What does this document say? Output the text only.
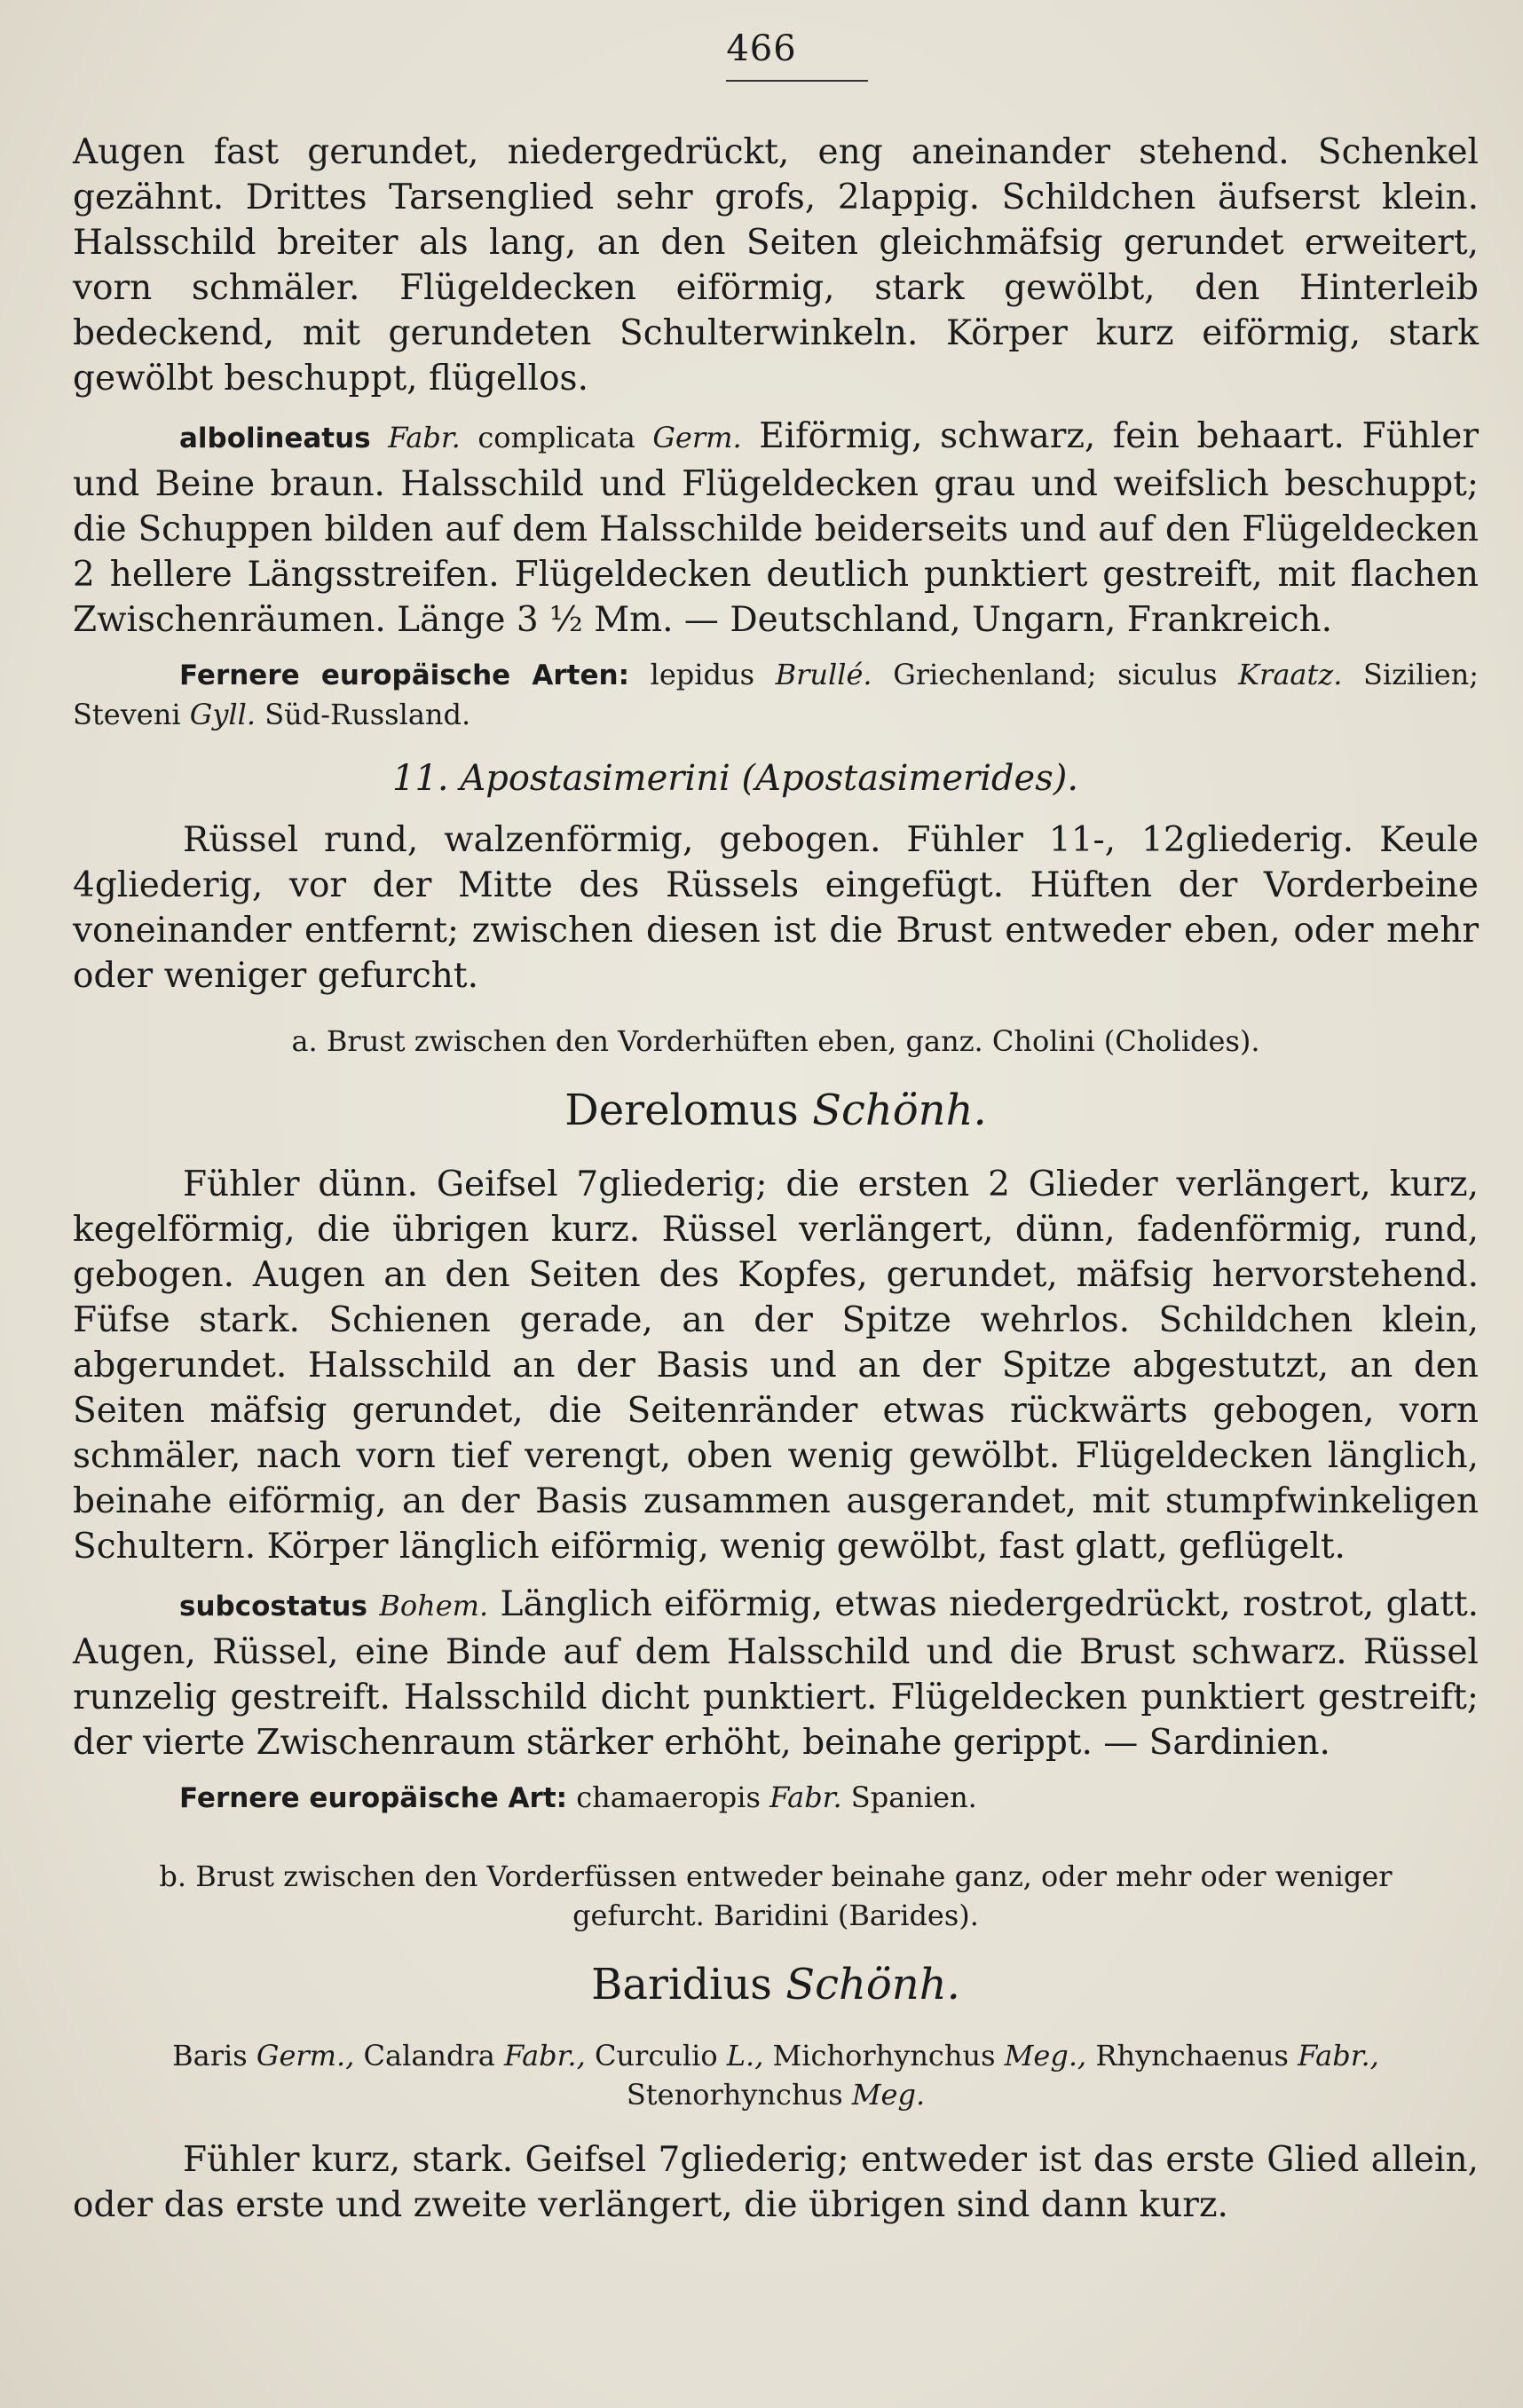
466

Augen fast gerundet, niedergedrückt, eng aneinander stehend. Schenkel gezähnt. Drittes Tarsenglied sehr grofs, 2lappig. Schildchen äufserst klein. Halsschild breiter als lang, an den Seiten gleichmäfsig gerundet erweitert, vorn schmäler. Flügeldecken eiförmig, stark gewölbt, den Hinterleib bedeckend, mit gerundeten Schulterwinkeln. Körper kurz eiförmig, stark gewölbt beschuppt, flügellos.

albolineatus Fabr. complicata Germ. Eiförmig, schwarz, fein behaart. Fühler und Beine braun. Halsschild und Flügeldecken grau und weifslich beschuppt; die Schuppen bilden auf dem Halsschilde beiderseits und auf den Flügeldecken 2 hellere Längsstreifen. Flügeldecken deutlich punktiert gestreift, mit flachen Zwischenräumen. Länge 3 ½ Mm. — Deutschland, Ungarn, Frankreich.

Fernere europäische Arten: lepidus Brullé. Griechenland; siculus Kraatz. Sizilien; Steveni Gyll. Süd-Russland.

11. Apostasimerini (Apostasimerides).

Rüssel rund, walzenförmig, gebogen. Fühler 11-, 12gliederig. Keule 4gliederig, vor der Mitte des Rüssels eingefügt. Hüften der Vorderbeine voneinander entfernt; zwischen diesen ist die Brust entweder eben, oder mehr oder weniger gefurcht.

a. Brust zwischen den Vorderhüften eben, ganz. Cholini (Cholides).

Derelomus Schönh.

Fühler dünn. Geifsel 7gliederig; die ersten 2 Glieder verlängert, kurz, kegelförmig, die übrigen kurz. Rüssel verlängert, dünn, fadenförmig, rund, gebogen. Augen an den Seiten des Kopfes, gerundet, mäfsig hervorstehend. Füfse stark. Schienen gerade, an der Spitze wehrlos. Schildchen klein, abgerundet. Halsschild an der Basis und an der Spitze abgestutzt, an den Seiten mäfsig gerundet, die Seitenränder etwas rückwärts gebogen, vorn schmäler, nach vorn tief verengt, oben wenig gewölbt. Flügeldecken länglich, beinahe eiförmig, an der Basis zusammen ausgerandet, mit stumpfwinkeligen Schultern. Körper länglich eiförmig, wenig gewölbt, fast glatt, geflügelt.

subcostatus Bohem. Länglich eiförmig, etwas niedergedrückt, rostrot, glatt. Augen, Rüssel, eine Binde auf dem Halsschild und die Brust schwarz. Rüssel runzelig gestreift. Halsschild dicht punktiert. Flügeldecken punktiert gestreift; der vierte Zwischenraum stärker erhöht, beinahe gerippt. — Sardinien.

Fernere europäische Art: chamaeropis Fabr. Spanien.

b. Brust zwischen den Vorderfüssen entweder beinahe ganz, oder mehr oder weniger

gefurcht. Baridini (Barides).

Baridius Schönh.

Baris Germ., Calandra Fabr., Curculio L., Michorhynchus Meg., Rhynchaenus Fabr.,
Stenorhynchus Meg.

Fühler kurz, stark. Geifsel 7gliederig; entweder ist das erste Glied allein, oder das erste und zweite verlängert, die übrigen sind dann kurz.
